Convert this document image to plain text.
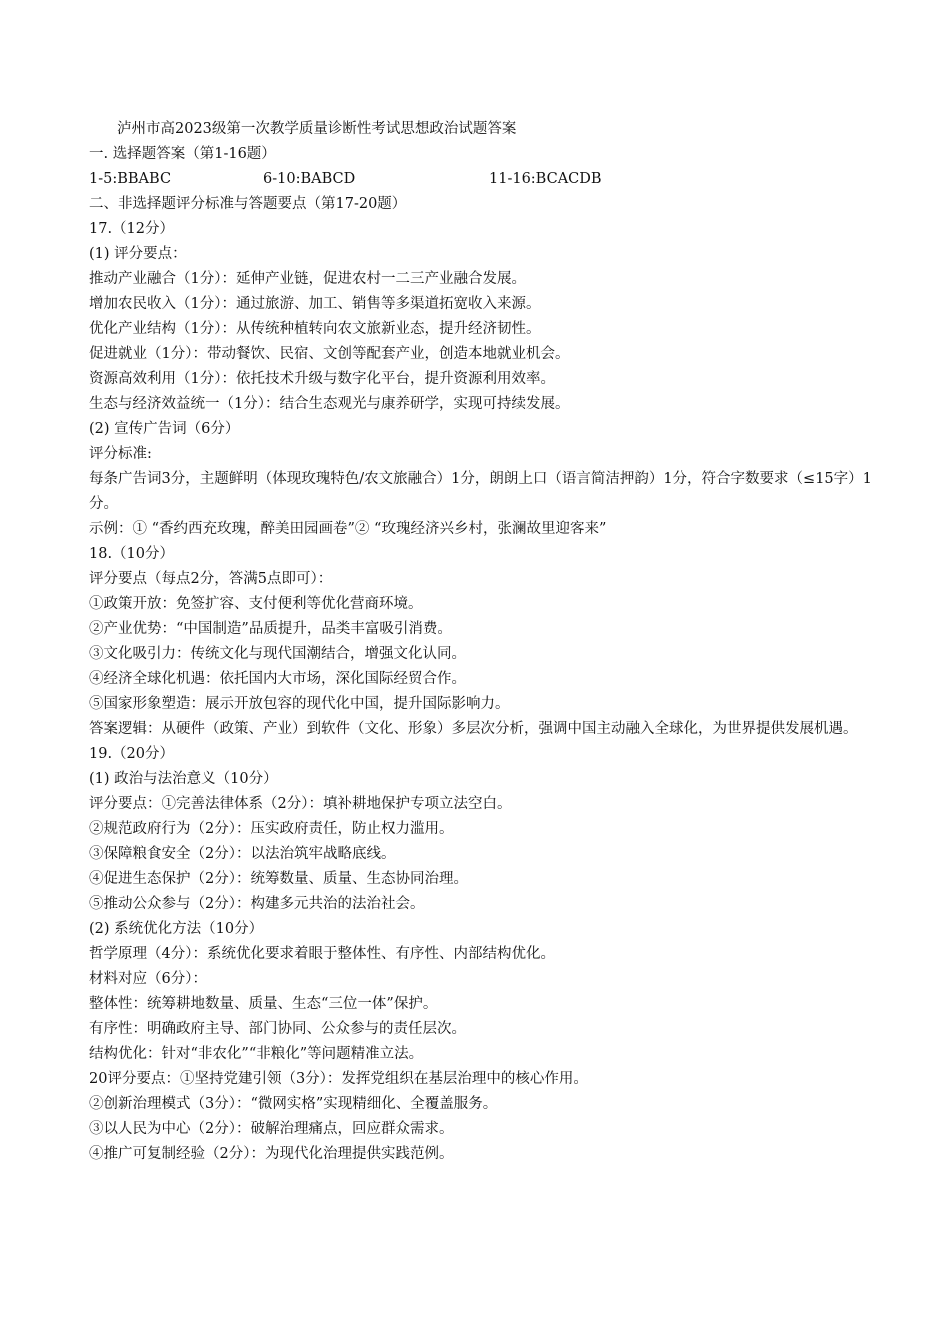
泸州市高2023级第一次教学质量诊断性考试思想政治试题答案
一. 选择题答案（第1-16题）
1-5:BBABC	6-10:BABCD	11-16:BCACDB
二、非选择题评分标准与答题要点（第17-20题）
17.（12分）
(1) 评分要点：
推动产业融合（1分）：延伸产业链，促进农村一二三产业融合发展。
增加农民收入（1分）：通过旅游、加工、销售等多渠道拓宽收入来源。
优化产业结构（1分）：从传统种植转向农文旅新业态，提升经济韧性。
促进就业（1分）：带动餐饮、民宿、文创等配套产业，创造本地就业机会。
资源高效利用（1分）：依托技术升级与数字化平台，提升资源利用效率。
生态与经济效益统一（1分）：结合生态观光与康养研学，实现可持续发展。
(2) 宣传广告词（6分）
评分标准:
每条广告词3分，主题鲜明（体现玫瑰特色/农文旅融合）1分，朗朗上口（语言简洁押韵）1分，符合字数要求（≤15字）1分。
示例：① “香约西充玫瑰，醉美田园画卷”② “玫瑰经济兴乡村，张澜故里迎客来”
18.（10分）
评分要点（每点2分，答满5点即可）：
①政策开放：免签扩容、支付便利等优化营商环境。
②产业优势：“中国制造”品质提升，品类丰富吸引消费。
③文化吸引力：传统文化与现代国潮结合，增强文化认同。
④经济全球化机遇：依托国内大市场，深化国际经贸合作。
⑤国家形象塑造：展示开放包容的现代化中国，提升国际影响力。
答案逻辑：从硬件（政策、产业）到软件（文化、形象）多层次分析，强调中国主动融入全球化，为世界提供发展机遇。
19.（20分）
(1) 政治与法治意义（10分）
评分要点：①完善法律体系（2分）：填补耕地保护专项立法空白。
②规范政府行为（2分）：压实政府责任，防止权力滥用。
③保障粮食安全（2分）：以法治筑牢战略底线。
④促进生态保护（2分）：统筹数量、质量、生态协同治理。
⑤推动公众参与（2分）：构建多元共治的法治社会。
(2) 系统优化方法（10分）
哲学原理（4分）：系统优化要求着眼于整体性、有序性、内部结构优化。
材料对应（6分）：
整体性：统筹耕地数量、质量、生态“三位一体”保护。
有序性：明确政府主导、部门协同、公众参与的责任层次。
结构优化：针对“非农化”“非粮化”等问题精准立法。
20评分要点：①坚持党建引领（3分）：发挥党组织在基层治理中的核心作用。
②创新治理模式（3分）：“微网实格”实现精细化、全覆盖服务。
③以人民为中心（2分）：破解治理痛点，回应群众需求。
④推广可复制经验（2分）：为现代化治理提供实践范例。
